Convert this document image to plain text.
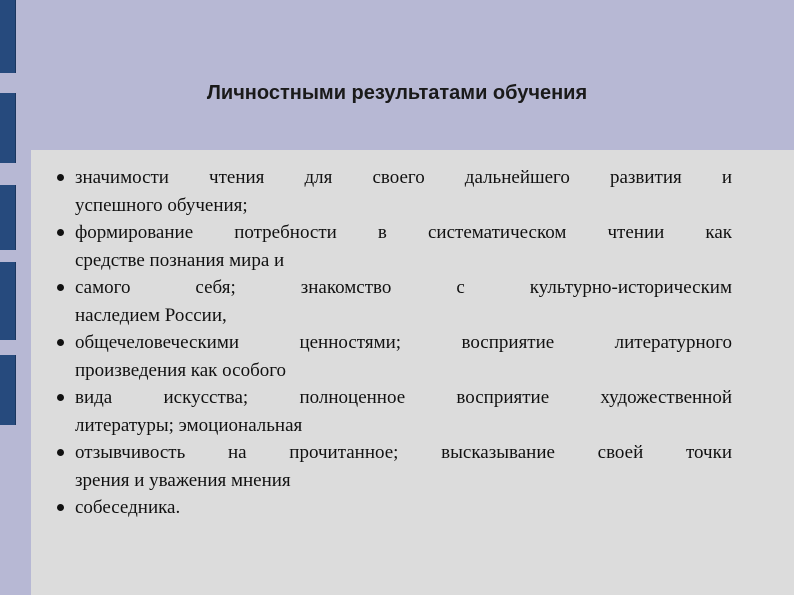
Личностными результатами обучения
значимости чтения для своего дальнейшего развития и
успешного обучения;
формирование потребности в систематическом чтении как
средстве познания мира и
самого себя; знакомство с культурно-историческим
наследием России,
общечеловеческими ценностями; восприятие литературного
произведения как особого
вида искусства; полноценное восприятие художественной
литературы; эмоциональная
отзывчивость на прочитанное; высказывание своей точки
зрения и уважения мнения
собеседника.
